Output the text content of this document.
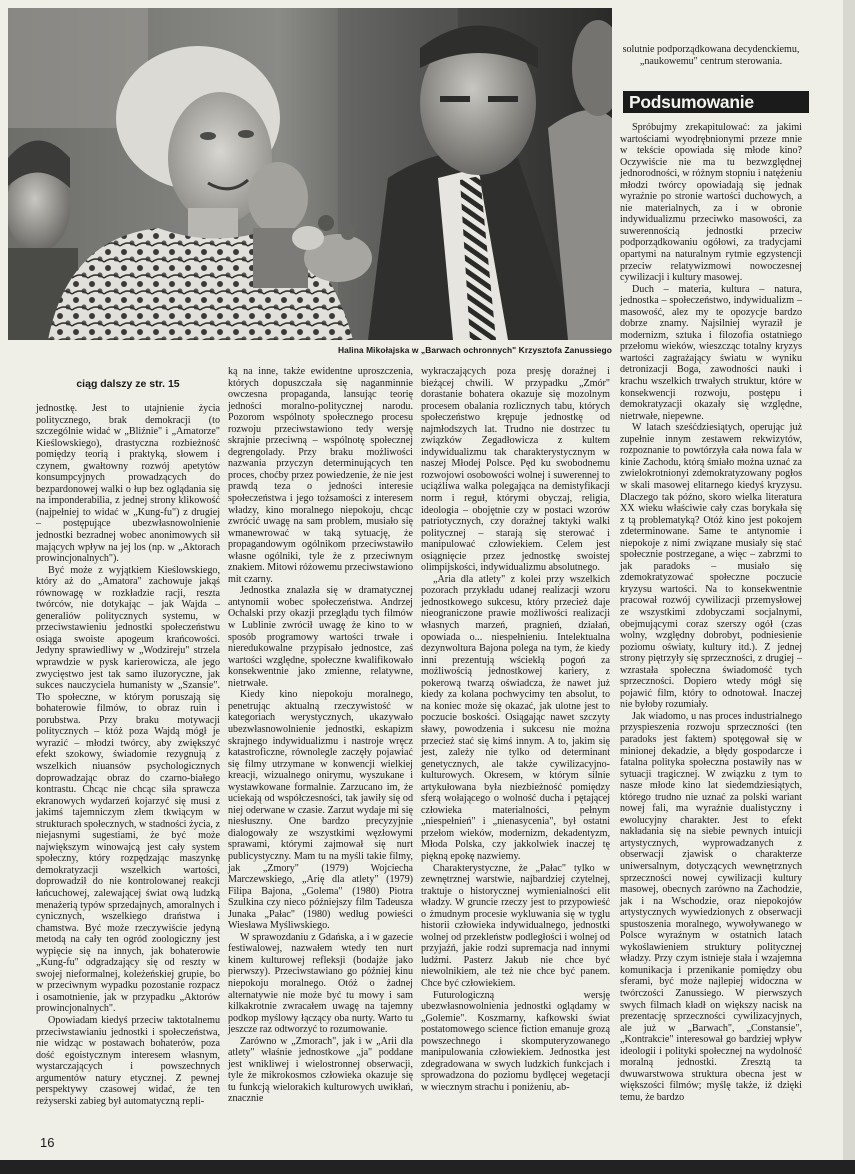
Halina Mikołajska w „Barwach ochronnych" Krzysztofa Zanussiego
ciąg dalszy ze str. 15

jednostkę. Jest to utajnienie życia politycznego, brak demokracji (to szczególnie widać w „Bliźnie" i „Amatorze" Kieślowskiego), drastyczna rozbieżność pomiędzy teorią i praktyką, słowem i czynem, gwałtowny rozwój apetytów konsumpcyjnych prowadzących do bezpardonowej walki o łup bez oglądania się na imponderabilia, z jednej strony klikowość (najpełniej to widać w „Kung-fu") z drugiej – postępujące ubezwłasnowolnienie jednostki bezradnej wobec anonimowych sił mających wpływ na jej los (np. w „Aktorach prowincjonalnych").

Być może z wyjątkiem Kieślowskiego, który aż do „Amatora" zachowuje jakąś równowagę w rozkładzie racji, reszta twórców, nie dotykając – jak Wajda – generaliów politycznych systemu, w przeciwstawieniu jednostki społeczeństwu osiąga swoiste apogeum krańcowości. Jedyny sprawiedliwy w „Wodzireju" strzela wprawdzie w pysk karierowicza, ale jego zwycięstwo jest tak samo iluzoryczne, jak sukces nauczyciela humanisty w „Szansie". Tło społeczne, w którym poruszają się bohaterowie filmów, to obraz ruin i porubstwa. Przy braku motywacji politycznych – któż poza Wajdą mógł je wyrazić – młodzi twórcy, aby zwiększyć efekt szokowy, świadomie rezygnują z wszelkich niuansów psychologicznych doprowadzając obraz do czarno-białego kontrastu. Chcąc nie chcąc siła sprawcza ekranowych wydarzeń kojarzyć się musi z jakimś tajemniczym złem tkwiącym w strukturach społecznych, w stadności życia, z niejasnymi sugestiami, że być może największym winowajcą jest cały system społeczny, który rozpędzając maszynkę demokratyzacji wszelkich wartości, doprowadził do nie kontrolowanej reakcji łańcuchowej, zalewającej świat ową ludzką menażerią typów sprzedajnych, amoralnych i cynicznych, wszelkiego draństwa i chamstwa. Być może rzeczywiście jedyną metodą na cały ten ogród zoologiczny jest wypięcie się na innych, jak bohaterowie „Kung-fu" odgradzający się od reszty w swojej nieformalnej, koleżeńskiej grupie, bo w przeciwnym wypadku pozostanie rozpacz i osamotnienie, jak w przypadku „Aktorów prowincjonalnych".

Opowiadam kiedyś przeciw taktotalnemu przeciwstawianiu jednostki i społeczeństwa, nie widząc w postawach bohaterów, poza dość egoistycznym interesem własnym, wystarczających i powszechnych argumentów natury etycznej. Z pewnej perspektywy czasowej widać, że ten reżyserski zabieg był automatyczną repli-

ką na inne, także ewidentne uproszczenia, których dopuszczała się naganminnie owczesna propaganda, lansując teorię jedności moralno-politycznej narodu. Pozorom wspólnoty społecznego procesu rozwoju przeciwstawiono tedy wersję skrajnie przeciwną – wspólnotę społecznej degrengolady. Przy braku możliwości nazwania przyczyn determinujących ten proces, choćby przez powiedzenie, że nie jest prawdą teza o jedności interesie społeczeństwa i jego tożsamości z interesem władzy, kino moralnego niepokoju, chcąc zwrócić uwagę na sam problem, musiało się wmanewrować w taką sytuację, że propagandowym ogólnikom przeciwstawiło własne ogólniki, tyle że z przeciwnym znakiem. Mitowi różowemu przeciwstawiono mit czarny.

Jednostka znalazła się w dramatycznej antynomii wobec społeczeństwa. Andrzej Ochalski przy okazji przeglądu tych filmów w Lublinie zwrócił uwagę że kino to w sposób programowy wartości trwałe i nieredukowalne przypisało jednostce, zaś wartości względne, społeczne kwalifikowało konsekwentnie jako zmienne, relatywne, nietrwałe.

Kiedy kino niepokoju moralnego, penetrując aktualną rzeczywistość w kategoriach werystycznych, ukazywało ubezwłasnowolnienie jednostki, eskapizm skrajnego indywidualizmu i nastroje wręcz katastroficzne, równolegle zaczęły pojawiać się filmy utrzymane w konwencji wielkiej kreacji, wizualnego onirymu, wyszukane i wystawkowane formalnie. Zarzucano im, że uciekają od współczesności, tak jawiły się od niej oderwane w czasie. Zarzut wydaje mi się niesłuszny. One bardzo precyzyjnie dialogowały ze wszystkimi węzłowymi sprawami, którymi zajmował się nurt publicystyczny. Mam tu na myśli takie filmy, jak „Zmory" (1979) Wojciecha Marczewskiego, „Arię dla atlety" (1979) Filipa Bajona, „Golema" (1980) Piotra Szulkina czy nieco późniejszy film Tadeusza Junaka „Pałac" (1980) według powieści Wiesława Myśliwskiego.

W sprawozdaniu z Gdańska, a i w gazecie festiwalowej, nazwałem wtedy ten nurt kinem kulturowej refleksji (bodajże jako pierwszy). Przeciwstawiano go później kinu niepokoju moralnego. Otóż o żadnej alternatywie nie może być tu mowy i sam kilkakrotnie zwracałem uwagę na tajemny podkop myślowy łączący oba nurty. Warto tu jeszcze raz odtworzyć to rozumowanie.

Zarówno w „Zmorach", jak i w „Arii dla atlety" właśnie jednostkowe „ja" poddane jest wnikliwej i wielostronnej obserwacji, tyle że mikrokosmos człowieka okazuje się tu funkcją wielorakich kulturowych uwikłań, znacznie

wykraczających poza presję doraźnej i bieżącej chwili. W przypadku „Zmór" dorastanie bohatera okazuje się mozolnym procesem obalania rozlicznych tabu, których społeczeństwo krępuje jednostkę od najmłodszych lat. Trudno nie dostrzec tu związków Zegadłowicza z kultem indywidualizmu tak charakterystycznym w naszej Młodej Polsce. Pęd ku swobodnemu rozwojowi osobowości wolnej i suwerennej to uciążliwa walka polegająca na demistyfikacji norm i reguł, którymi obyczaj, religia, ideologia – obojętnie czy w postaci wzorów patriotycznych, czy doraźnej taktyki walki politycznej – starają się sterować i manipulować człowiekiem. Celem jest osiągnięcie przez jednostkę swoistej olimpijskości, indywidualizmu absolutnego.

„Aria dla atlety" z kolei przy wszelkich pozorach przykładu udanej realizacji wzoru jednostkowego sukcesu, który przecież daje nieograniczone prawie możliwości realizacji własnych marzeń, pragnień, działań, opowiada o... niespełnieniu. Intelektualna dezynwoltura Bajona polega na tym, że kiedy inni prezentują wściekłą pogoń za możliwością jednostkowej kariery, z pokerową twarzą oświadcza, że nawet już kiedy za kolana pochwycimy ten absolut, to na koniec może się okazać, jak ulotne jest to poczucie boskości. Osiągając nawet szczyty sławy, powodzenia i sukcesu nie można przecież stać się kimś innym. A to, jakim się jest, zależy nie tylko od determinant genetycznych, ale także cywilizacyjno-kulturowych. Okresem, w którym silnie artykułowana była niezbieżność pomiędzy sferą wołającego o wolność ducha i pętającej człowieka materialności, pełnym „niespełnień" i „nienasycenia", był ostatni przełom wieków, modernizm, dekadentyzm, Młoda Polska, czy jakkolwiek inaczej tę piękną epokę nazwiemy.

Charakterystyczne, że „Pałac" tylko w zewnętrznej warstwie, najbardziej czytelnej, traktuje o historycznej wymienialności elit władzy. W gruncie rzeczy jest to przypowieść o żmudnym procesie wykluwania się w tyglu historii człowieka indywidualnego, jednostki wolnej od przekleństw podległości i wolnej od przyjaźń, jakie rodzi supremacja nad innymi ludźmi. Pasterz Jakub nie chce być niewolnikiem, ale też nie chce być panem. Chce być człowiekiem.

Futurologiczną wersję ubezwłasnowolnienia jednostki oglądamy w „Golemie". Koszmarny, kafkowski świat postatomowego science fiction emanuje grozą powszechnego i skomputeryzowanego manipulowania człowiekiem. Jednostka jest zdegradowana w swych ludzkich funkcjach i sprowadzona do poziomu bydlęcej wegetacji w wiecznym strachu i poniżeniu, ab-

solutnie podporządkowana decydenckiemu, „naukowemu" centrum sterowania.

Podsumowanie

Spróbujmy zrekapitulować: za jakimi wartościami wyodrębnionymi przeze mnie w tekście opowiada się młode kino? Oczywiście nie ma tu bezwzględnej jednorodności, w różnym stopniu i natężeniu młodzi twórcy opowiadają się jednak wyraźnie po stronie wartości duchowych, a nie materialnych, za i w obronie indywidualizmu przeciwko masowości, za suwerennością jednostki przeciw podporządkowaniu ogółowi, za tradycjami opartymi na naturalnym rytmie egzystencji przeciw relatywizmowi nowoczesnej cywilizacji i kultury masowej.

Duch – materia, kultura – natura, jednostka – społeczeństwo, indywidualizm – masowość, alez my te opozycje bardzo dobrze znamy. Najsilniej wyraził je modernizm, sztuka i filozofia ostatniego przełomu wieków, wieszcząc totalny kryzys wartości zagrażający światu w wyniku detronizacji Boga, zawodności nauki i krachu wszelkich trwałych struktur, które w konsekwencji rozwoju, postępu i demokratyzacji okazały się względne, nietrwałe, niepewne.

W latach sześćdziesiątych, operując już zupełnie innym zestawem rekwizytów, rozpoznanie to powtórzyła cała nowa fala w kinie Zachodu, którą śmiało można uznać za zwielokrotnionyi zdemokratyzowany pogłos w skali masowej elitarnego kiedyś kryzysu. Dlaczego tak późno, skoro wielka literatura XX wieku właściwie cały czas borykała się z tą problematyką? Otóż kino jest pokojem zdeterminowane. Same te antynomie i niepokoje z nimi związane musiały się stać społecznie postrzegane, a więc – zabrzmi to jak paradoks – musiało się zdemokratyzować społeczne poczucie kryzysu wartości. Na to konsekwentnie pracował rozwój cywilizacji przemysłowej ze wszystkimi zdobyczami socjalnymi, obejmującymi coraz szerszy ogół (czas wolny, względny dobrobyt, podniesienie poziomu oświaty, kultury itd.). Z jednej strony piętrzyły się sprzeczności, z drugiej – wzrastała społeczna świadomość tych sprzeczności. Dopiero wtedy mógł się pojawić film, który to odnotował. Inaczej nie byłoby rozumiały.

Jak wiadomo, u nas proces industrialnego przyspieszenia rozwoju sprzeczności (ten paradoks jest faktem) spotęgował się w minionej dekadzie, a błędy gospodarcze i fatalna polityka społeczna postawiły nas w sytuacji tragicznej. W związku z tym to nasze młode kino lat siedemdziesiątych, którego trudno nie uznać za polski wariant nowej fali, ma wyraźnie dualistyczny i ewolucyjny charakter. Jest to efekt nakładania się na siebie pewnych intuicji artystycznych, wyprowadzanych z obserwacji zjawisk o charakterze uniwersalnym, dotyczących wewnętrznych sprzeczności nowej cywilizacji kultury masowej, obecnych zarówno na Zachodzie, jak i na Wschodzie, oraz niepokojów artystycznych wywiedzionych z obserwacji spustoszenia moralnego, wywoływanego w Polsce wyraźnym w ostatnich latach wykoślawieniem struktury politycznej władzy. Przy czym istnieje stała i wzajemna komunikacja i przenikanie pomiędzy obu sferami, być może najlepiej widoczna w twórczości Zanussiego. W pierwszych swych filmach kładł on większy nacisk na prezentację sprzeczności cywilizacyjnych, ale już w „Barwach", „Constansie", „Kontrakcie" interesował go bardziej wpływ ideologii i polityki społecznej na wydolność moralną jednostki. Zresztą ta dwuwarstwowa struktura obecna jest w większości filmów; myślę także, iż dzięki temu, że bardzo

16
